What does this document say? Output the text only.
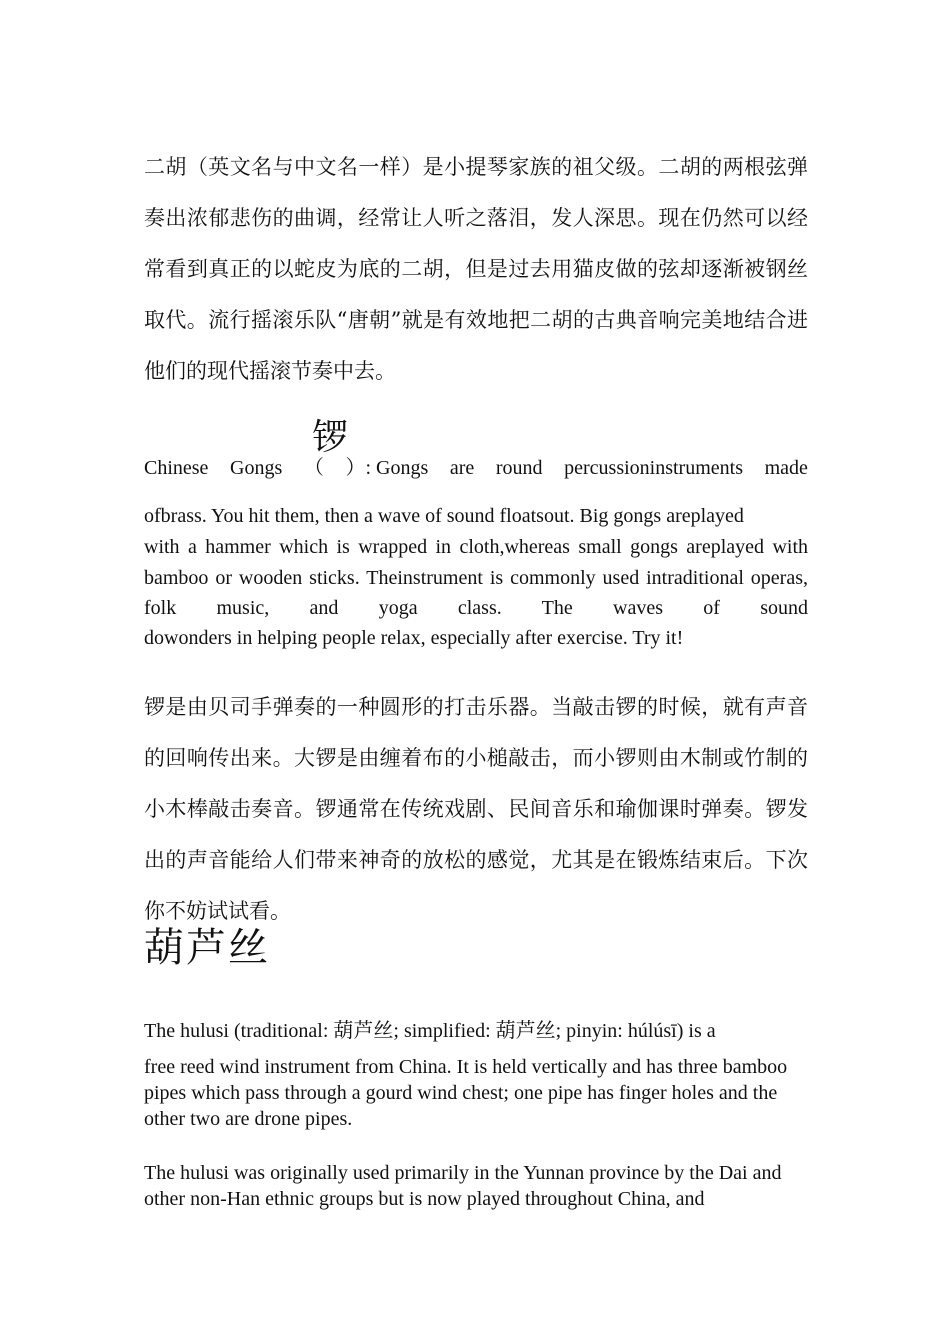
二胡（英文名与中文名一样）是小提琴家族的祖父级。二胡的两根弦弹奏出浓郁悲伤的曲调，经常让人听之落泪，发人深思。现在仍然可以经常看到真正的以蛇皮为底的二胡，但是过去用猫皮做的弦却逐渐被钢丝取代。流行摇滚乐队“唐朝”就是有效地把二胡的古典音响完美地结合进他们的现代摇滚节奏中去。

锣
Chinese Gongs （ ）: Gongs are round percussioninstruments made

ofbrass. You hit them, then a wave of sound floatsout. Big gongs areplayed

with a hammer which is wrapped in cloth,whereas small gongs areplayed with bamboo or wooden sticks. Theinstrument is commonly used intraditional operas, folk music, and yoga class. The waves of sound

dowonders in helping people relax, especially after exercise. Try it!

锣是由贝司手弹奏的一种圆形的打击乐器。当敲击锣的时候，就有声音的回响传出来。大锣是由缠着布的小槌敲击，而小锣则由木制或竹制的小木棒敲击奏音。锣通常在传统戏剧、民间音乐和瑜伽课时弹奏。锣发出的声音能给人们带来神奇的放松的感觉，尤其是在锻炼结束后。下次你不妨试试看。

葫芦丝

The hulusi (traditional: 葫芦丝; simplified: 葫芦丝; pinyin: húlúsī) is a

free reed wind instrument from China. It is held vertically and has three bamboo pipes which pass through a gourd wind chest; one pipe has finger holes and the other two are drone pipes.

The hulusi was originally used primarily in the Yunnan province by the Dai and other non-Han ethnic groups but is now played throughout China, and
